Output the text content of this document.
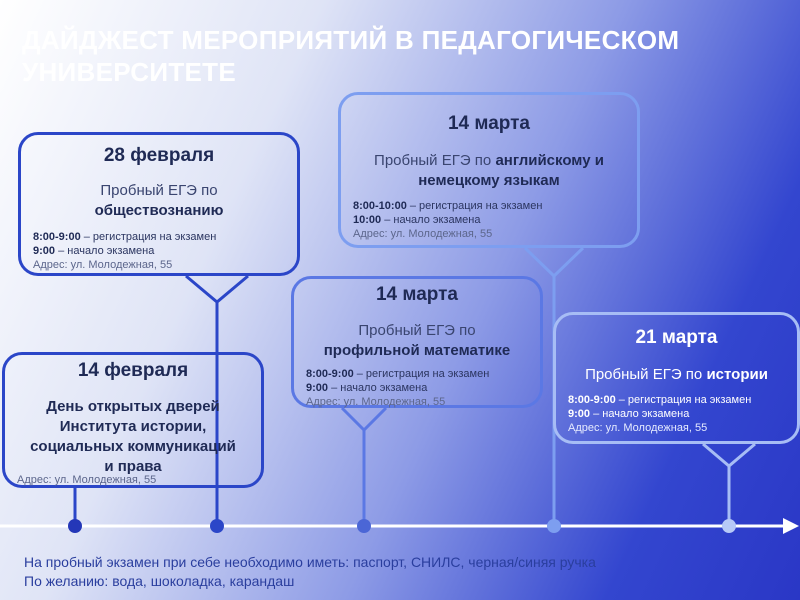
ДАЙДЖЕСТ МЕРОПРИЯТИЙ В ПЕДАГОГИЧЕСКОМ УНИВЕРСИТЕТЕ
28 февраля
Пробный ЕГЭ по
обществознанию
8:00-9:00 – регистрация на экзамен
9:00 – начало экзамена
Адрес: ул. Молодежная, 55
14 февраля
День открытых дверей Института истории, социальных коммуникаций и права
Адрес: ул. Молодежная, 55
14 марта
Пробный ЕГЭ по английскому и немецкому языкам
8:00-10:00 – регистрация на экзамен
10:00 – начало экзамена
Адрес: ул. Молодежная, 55
14 марта
Пробный ЕГЭ по
профильной математике
8:00-9:00 – регистрация на экзамен
9:00 – начало экзамена
Адрес: ул. Молодежная, 55
21 марта
Пробный ЕГЭ по истории
8:00-9:00 – регистрация на экзамен
9:00 – начало экзамена
Адрес: ул. Молодежная, 55
На пробный экзамен при себе необходимо иметь: паспорт, СНИЛС, черная/синяя ручка
По желанию: вода, шоколадка, карандаш
